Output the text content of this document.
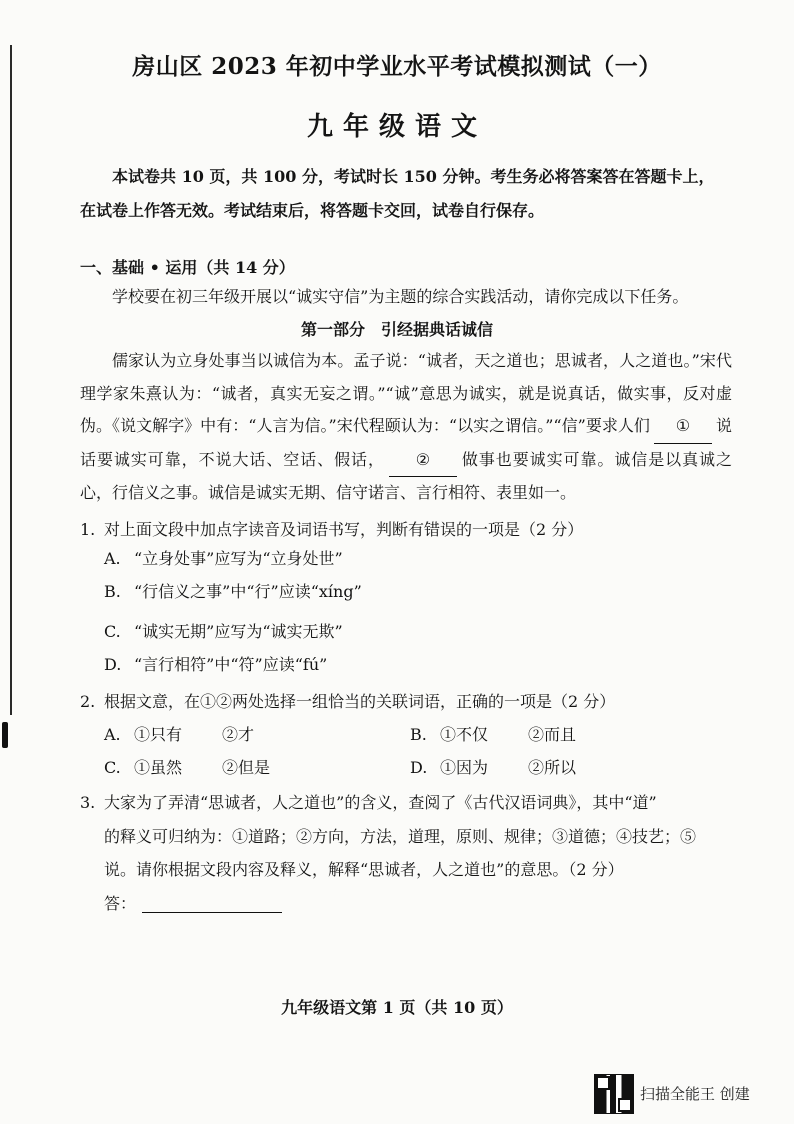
房山区 2023 年初中学业水平考试模拟测试（一）
九年级语文
本试卷共 10 页，共 100 分，考试时长 150 分钟。考生务必将答案答在答题卡上，在试卷上作答无效。考试结束后，将答题卡交回，试卷自行保存。
一、基础 • 运用（共 14 分）
学校要在初三年级开展以“诚实守信”为主题的综合实践活动，请你完成以下任务。
第一部分　引经据典话诚信
儒家认为立身处事当以诚信为本。孟子说：“诚者，天之道也；思诚者，人之道也。”宋代理学家朱熹认为：“诚者，真实无妄之谓。”“诚”意思为诚实，就是说真话，做实事，反对虚伪。《说文解字》中有：“人言为信。”宋代程颐认为：“以实之谓信。”“信”要求人们 ① 说话要诚实可靠，不说大话、空话、假话， ② 做事也要诚实可靠。诚信是以真诚之心，行信义之事。诚信是诚实无期、信守诺言、言行相符、表里如一。
1. 对上面文段中加点字读音及词语书写，判断有错误的一项是（2 分）
A. “立身处事”应写为“立身处世”
C. “诚实无期”应写为“诚实无欺”
D. “言行相符”中“符”应读“fú”
2. 根据文意，在①②两处选择一组恰当的关联词语，正确的一项是（2 分）
A. ①只有	②才	B. ①不仅	②而且
C. ①虽然	②但是	D. ①因为	②所以
3. 大家为了弄清“思诚者，人之道也”的含义，查阅了《古代汉语词典》，其中“道”
的释义可归纳为：①道路；②方向，方法，道理，原则、规律；③道德；④技艺；⑤
说。请你根据文段内容及释义，解释“思诚者，人之道也”的意思。（2 分）
答：
九年级语文第 1 页（共 10 页）
扫描全能王 创建
B. “行信义之事”中“行”应读“xíng”
